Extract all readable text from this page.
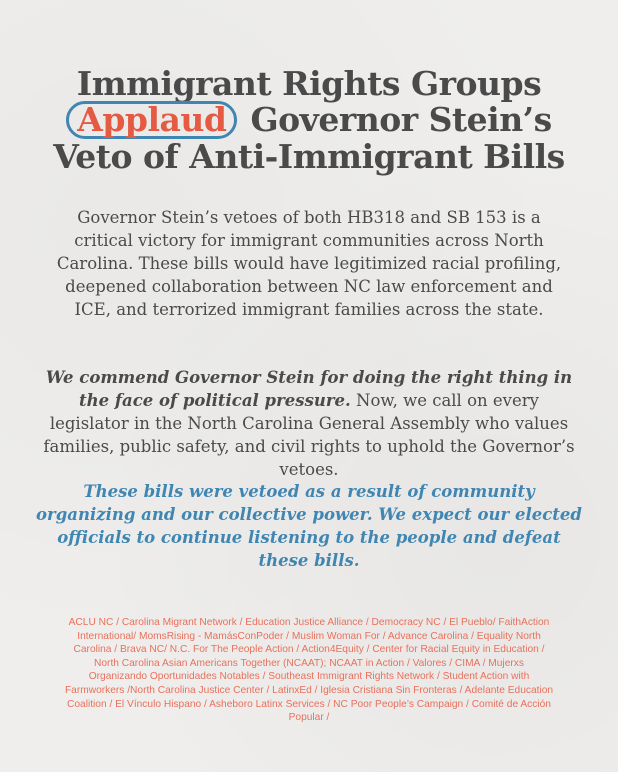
Immigrant Rights Groups
Applaud Governor Stein’s
Veto of Anti-Immigrant Bills

Governor Stein’s vetoes of both HB318 and SB 153 is a critical victory for immigrant communities across North Carolina. These bills would have legitimized racial profiling, deepened collaboration between NC law enforcement and ICE, and terrorized immigrant families across the state.

We commend Governor Stein for doing the right thing in the face of political pressure. Now, we call on every legislator in the North Carolina General Assembly who values families, public safety, and civil rights to uphold the Governor’s vetoes.

These bills were vetoed as a result of community organizing and our collective power. We expect our elected officials to continue listening to the people and defeat these bills.

ACLU NC / Carolina Migrant Network / Education Justice Alliance / Democracy NC / El Pueblo/ FaithAction International/ MomsRising - MamásConPoder / Muslim Woman For / Advance Carolina / Equality North Carolina / Brava NC/ N.C. For The People Action / Action4Equity / Center for Racial Equity in Education / North Carolina Asian Americans Together (NCAAT); NCAAT in Action / Valores / CIMA / Mujerxs Organizando Oportunidades Notables / Southeast Immigrant Rights Network / Student Action with Farmworkers /North Carolina Justice Center / LatinxEd / Iglesia Cristiana Sin Fronteras / Adelante Education Coalition / El Vínculo Hispano / Asheboro Latinx Services / NC Poor People’s Campaign / Comité de Acción Popular /
